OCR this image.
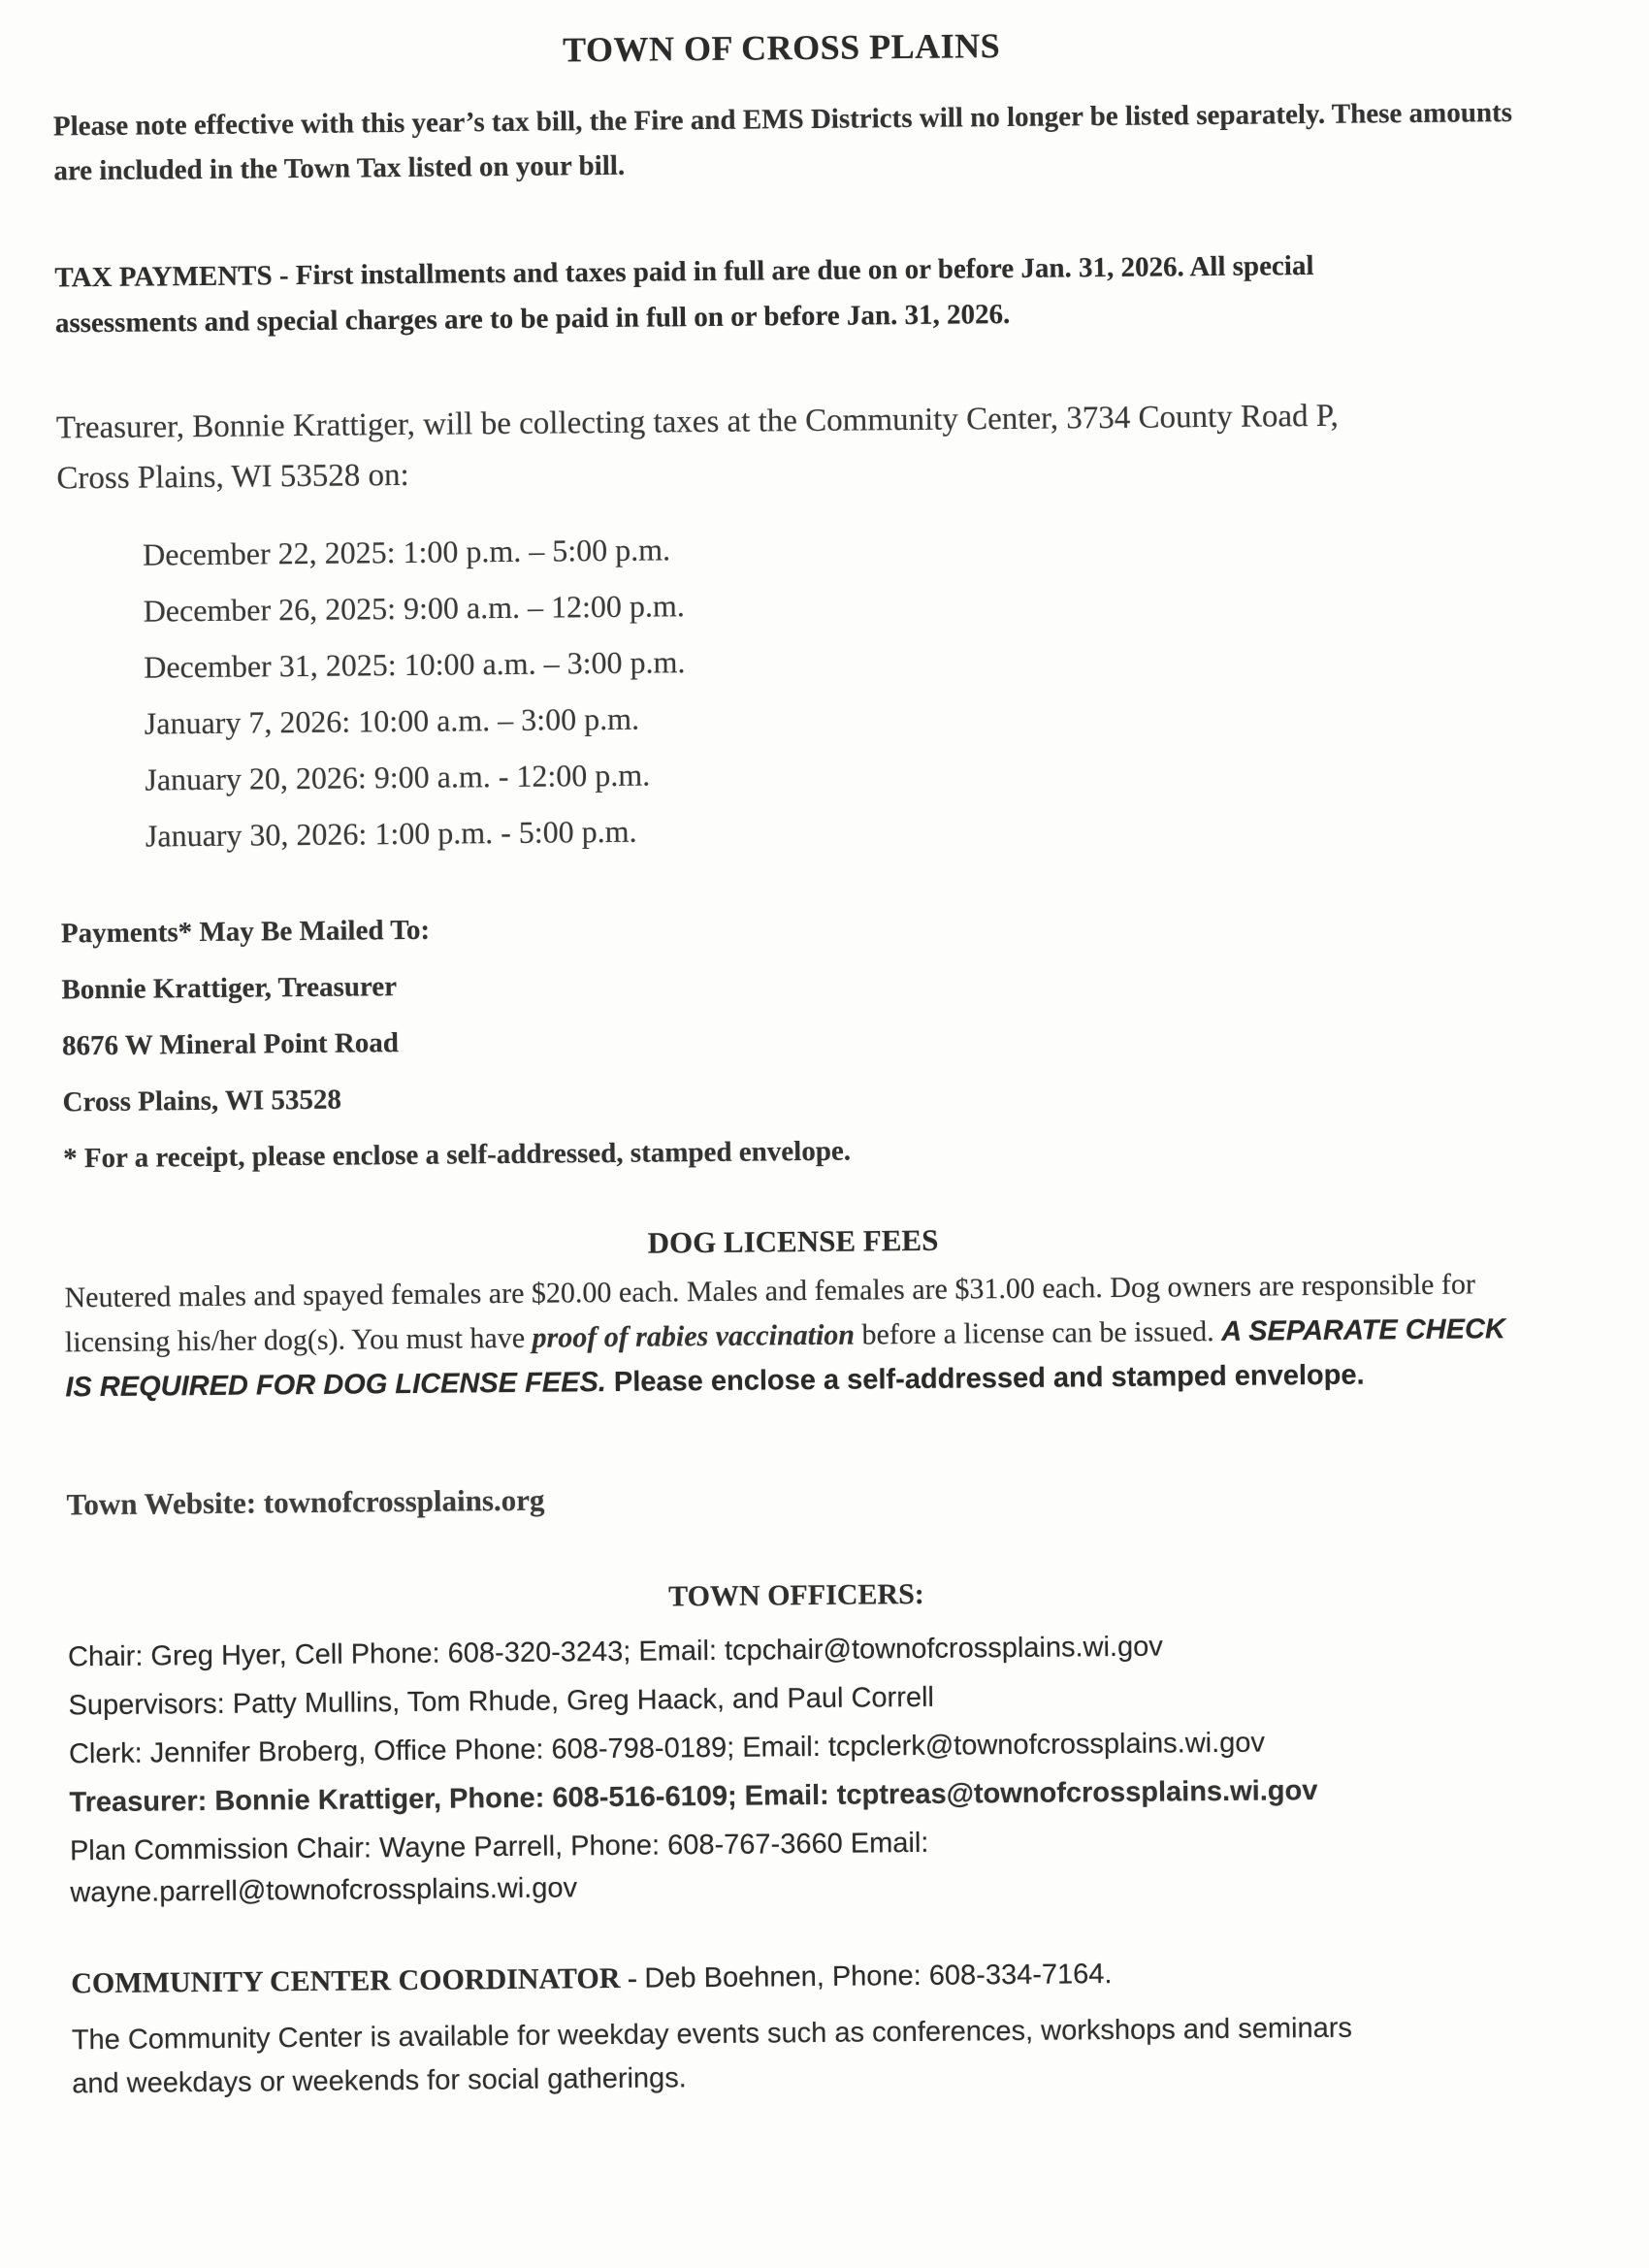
TOWN OF CROSS PLAINS

Please note effective with this year’s tax bill, the Fire and EMS Districts will no longer be listed separately. These amounts are included in the Town Tax listed on your bill.

TAX PAYMENTS - First installments and taxes paid in full are due on or before Jan. 31, 2026. All special assessments and special charges are to be paid in full on or before Jan. 31, 2026.

Treasurer, Bonnie Krattiger, will be collecting taxes at the Community Center, 3734 County Road P, Cross Plains, WI 53528 on:

December 22, 2025: 1:00 p.m. – 5:00 p.m.
December 26, 2025: 9:00 a.m. – 12:00 p.m.
December 31, 2025: 10:00 a.m. – 3:00 p.m.
January 7, 2026: 10:00 a.m. – 3:00 p.m.
January 20, 2026: 9:00 a.m. - 12:00 p.m.
January 30, 2026: 1:00 p.m. - 5:00 p.m.

Payments* May Be Mailed To:

Bonnie Krattiger, Treasurer

8676 W Mineral Point Road

Cross Plains, WI 53528

* For a receipt, please enclose a self-addressed, stamped envelope.

DOG LICENSE FEES

Neutered males and spayed females are $20.00 each. Males and females are $31.00 each. Dog owners are responsible for licensing his/her dog(s). You must have proof of rabies vaccination before a license can be issued. A SEPARATE CHECK IS REQUIRED FOR DOG LICENSE FEES. Please enclose a self-addressed and stamped envelope.

Town Website: townofcrossplains.org

TOWN OFFICERS:

Chair: Greg Hyer, Cell Phone: 608-320-3243; Email: tcpchair@townofcrossplains.wi.gov

Supervisors: Patty Mullins, Tom Rhude, Greg Haack, and Paul Correll

Clerk: Jennifer Broberg, Office Phone: 608-798-0189; Email: tcpclerk@townofcrossplains.wi.gov

Treasurer: Bonnie Krattiger, Phone: 608-516-6109; Email: tcptreas@townofcrossplains.wi.gov

Plan Commission Chair: Wayne Parrell, Phone: 608-767-3660 Email: wayne.parrell@townofcrossplains.wi.gov

COMMUNITY CENTER COORDINATOR - Deb Boehnen, Phone: 608-334-7164.

The Community Center is available for weekday events such as conferences, workshops and seminars and weekdays or weekends for social gatherings.
